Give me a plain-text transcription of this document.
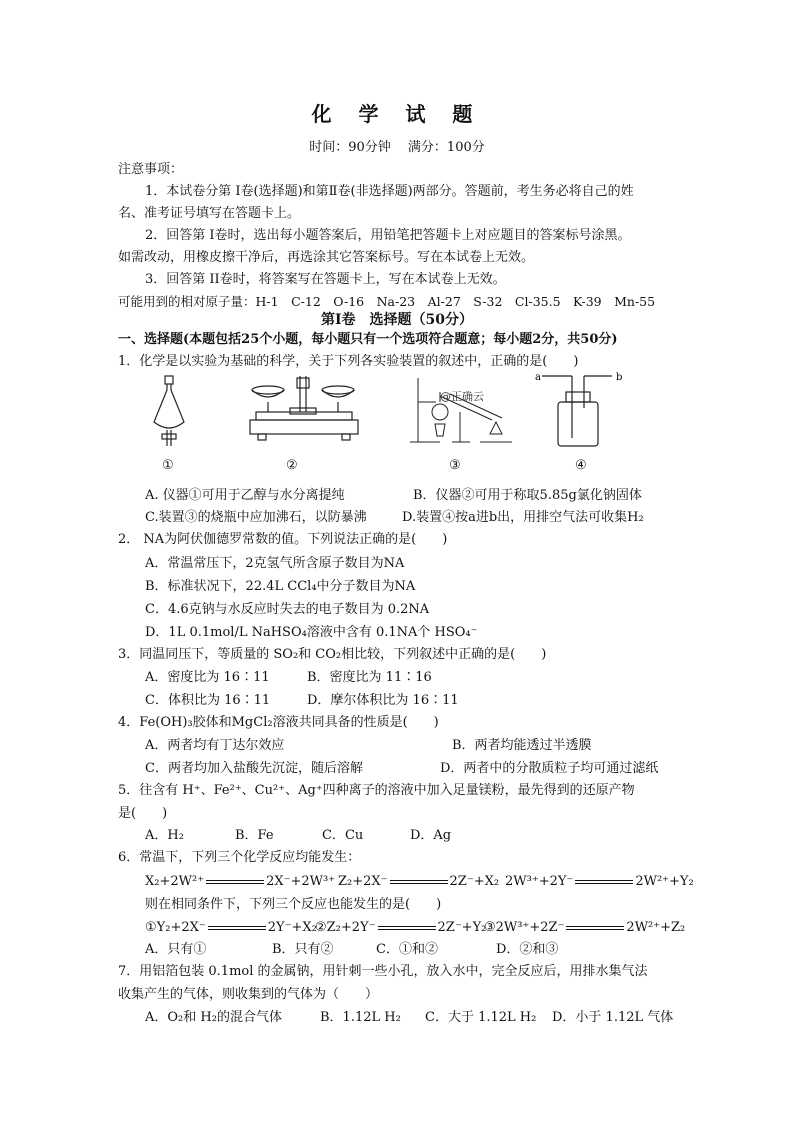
化 学 试 题
时间：90分钟　 满分：100分
注意事项：
1．本试卷分第 Ⅰ卷(选择题)和第Ⅱ卷(非选择题)两部分。答题前，考生务必将自己的姓
名、准考证号填写在答题卡上。
2．回答第 I卷时，选出每小题答案后，用铅笔把答题卡上对应题目的答案标号涂黑。
如需改动，用橡皮擦干净后，再选涂其它答案标号。写在本试卷上无效。
3．回答第 II卷时，将答案写在答题卡上，写在本试卷上无效。
可能用到的相对原子量：H-1　C-12　O-16　Na-23　Al-27　S-32　Cl-35.5　K-39　Mn-55
第Ⅰ卷　选择题（50分）
一、选择题(本题包括25个小题，每小题只有一个选项符合题意；每小题2分，共50分)
1．化学是以实验为基础的科学，关于下列各实验装置的叙述中，正确的是(　　)
a	b
@正确云
①	②	③	④
A. 仪器①可用于乙醇与水分离提纯	B．仪器②可用于称取5.85g氯化钠固体
C.装置③的烧瓶中应加沸石，以防暴沸	D.装置④按a进b出，用排空气法可收集H₂
2． NA为阿伏伽德罗常数的值。下列说法正确的是(　　)
A．常温常压下，2克氢气所含原子数目为NA
B．标准状况下，22.4L CCl₄中分子数目为NA
C．4.6克钠与水反应时失去的电子数目为 0.2NA
D．1L 0.1mol/L NaHSO₄溶液中含有 0.1NA个 HSO₄⁻
3．同温同压下，等质量的 SO₂和 CO₂相比较，下列叙述中正确的是(　　)
A．密度比为 16∶11	B．密度比为 11∶16
C．体积比为 16∶11	D．摩尔体积比为 16∶11
4．Fe(OH)₃胶体和MgCl₂溶液共同具备的性质是(　　)
A．两者均有丁达尔效应	B．两者均能透过半透膜
C．两者均加入盐酸先沉淀，随后溶解	D．两者中的分散质粒子均可通过滤纸
5．往含有 H⁺、Fe²⁺、Cu²⁺、Ag⁺四种离子的溶液中加入足量镁粉，最先得到的还原产物
是(　　)
A．H₂	B．Fe	C．Cu	D．Ag
6．常温下，下列三个化学反应均能发生：
X₂+2W²⁺	2X⁻+2W³⁺ Z₂+2X⁻	2Z⁻+X₂ 2W³⁺+2Y⁻	2W²⁺+Y₂
则在相同条件下，下列三个反应也能发生的是(　　)
①Y₂+2X⁻	2Y⁻+X₂
②Z₂+2Y⁻	2Z⁻+Y₂
③2W³⁺+2Z⁻	2W²⁺+Z₂
A．只有①	B．只有②	C．①和②	D．②和③
7．用铝箔包装 0.1mol 的金属钠，用针刺一些小孔，放入水中，完全反应后，用排水集气法
收集产生的气体，则收集到的气体为（　　）
A．O₂和 H₂的混合气体	B．1.12L H₂ C．大于 1.12L H₂ D．小于 1.12L 气体
